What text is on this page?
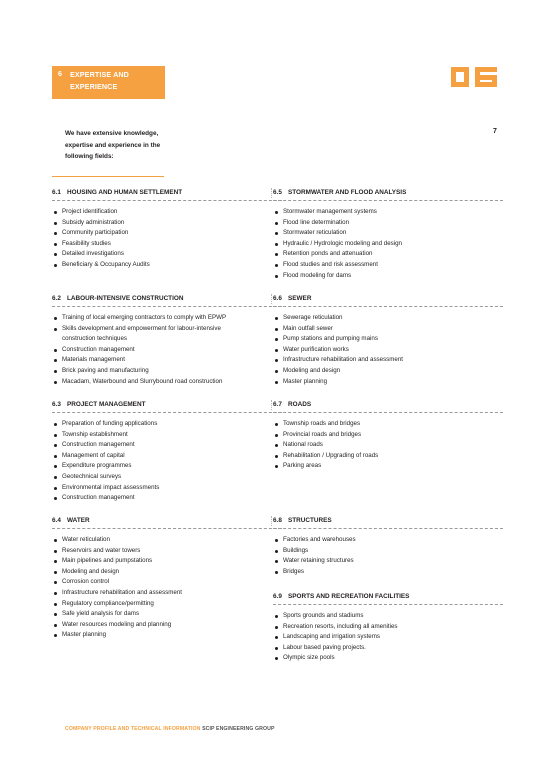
6 EXPERTISE AND
EXPERIENCE
We have extensive knowledge,
expertise and experience in the
following fields:
7
6.1 HOUSING AND HUMAN SETTLEMENT
Project identification
Subsidy administration
Community participation
Feasibility studies
Detailed investigations
Beneficiary & Occupancy Audits
6.5 STORMWATER AND FLOOD ANALYSIS
Stormwater management systems
Flood line determination
Stormwater reticulation
Hydraulic / Hydrologic modeling and design
Retention ponds and attenuation
Flood studies and risk assessment
Flood modeling for dams
6.2 LABOUR-INTENSIVE CONSTRUCTION
Training of local emerging contractors to comply with EPWP
Skills development and empowerment for labour-intensive
construction techniques
Construction management
Materials management
Brick paving and manufacturing
Macadam, Waterbound and Slurrybound road construction
6.6 SEWER
Sewerage reticulation
Main outfall sewer
Pump stations and pumping mains
Water purification works
Infrastructure rehabilitation and assessment
Modeling and design
Master planning
6.3 PROJECT MANAGEMENT
Preparation of funding applications
Township establishment
Construction management
Management of capital
Expenditure programmes
Geotechnical surveys
Environmental impact assessments
Construction management
6.7 ROADS
Township roads and bridges
Provincial roads and bridges
National roads
Rehabilitation / Upgrading of roads
Parking areas
6.4 WATER
Water reticulation
Reservoirs and water towers
Main pipelines and pumpstations
Modeling and design
Corrosion control
Infrastructure rehabilitation and assessment
Regulatory compliance/permitting
Safe yield analysis for dams
Water resources modeling and planning
Master planning
6.8 STRUCTURES
Factories and warehouses
Buildings
Water retaining structures
Bridges
6.9 SPORTS AND RECREATION FACILITIES
Sports grounds and stadiums
Recreation resorts, including all amenities
Landscaping and irrigation systems
Labour based paving projects.
Olympic size pools
COMPANY PROFILE AND TECHNICAL INFORMATION SCIP ENGINEERING GROUP
